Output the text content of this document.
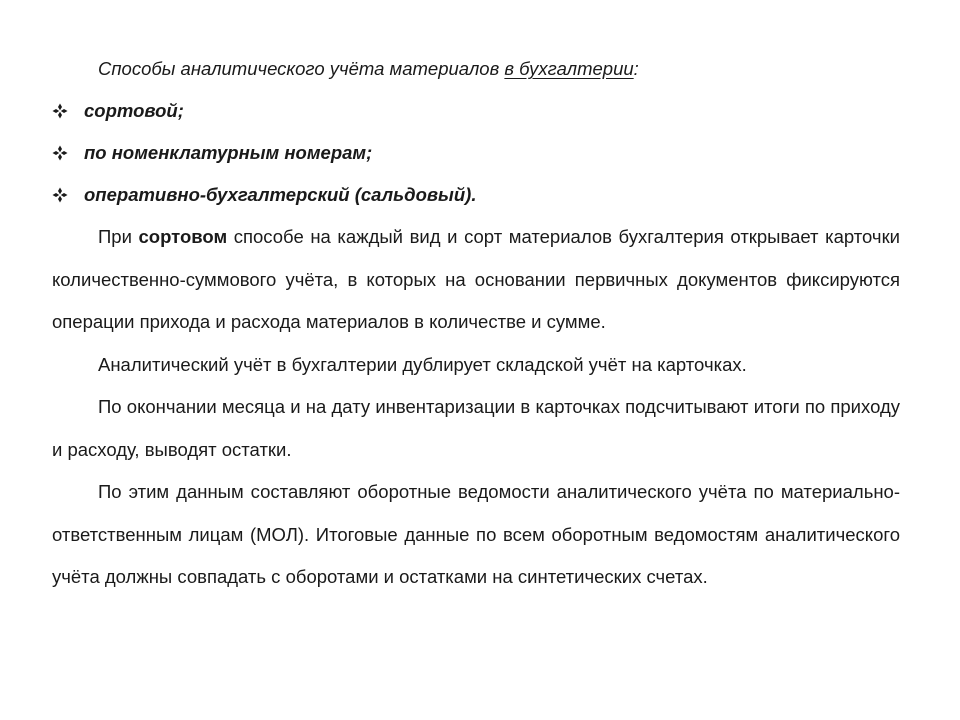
Способы аналитического учёта материалов в бухгалтерии:

сортовой;
по номенклатурным номерам;
оперативно-бухгалтерский (сальдовый).

При сортовом способе на каждый вид и сорт материалов бухгалтерия открывает карточки количественно-суммового учёта, в которых на основании первичных документов фиксируются операции прихода и расхода материалов в количестве и сумме.

Аналитический учёт в бухгалтерии дублирует складской учёт на карточках.

По окончании месяца и на дату инвентаризации в карточках подсчитывают итоги по приходу и расходу, выводят остатки.

По этим данным составляют оборотные ведомости аналитического учёта по материально-ответственным лицам (МОЛ). Итоговые данные по всем оборотным ведомостям аналитического учёта должны совпадать с оборотами и остатками на синтетических счетах.
